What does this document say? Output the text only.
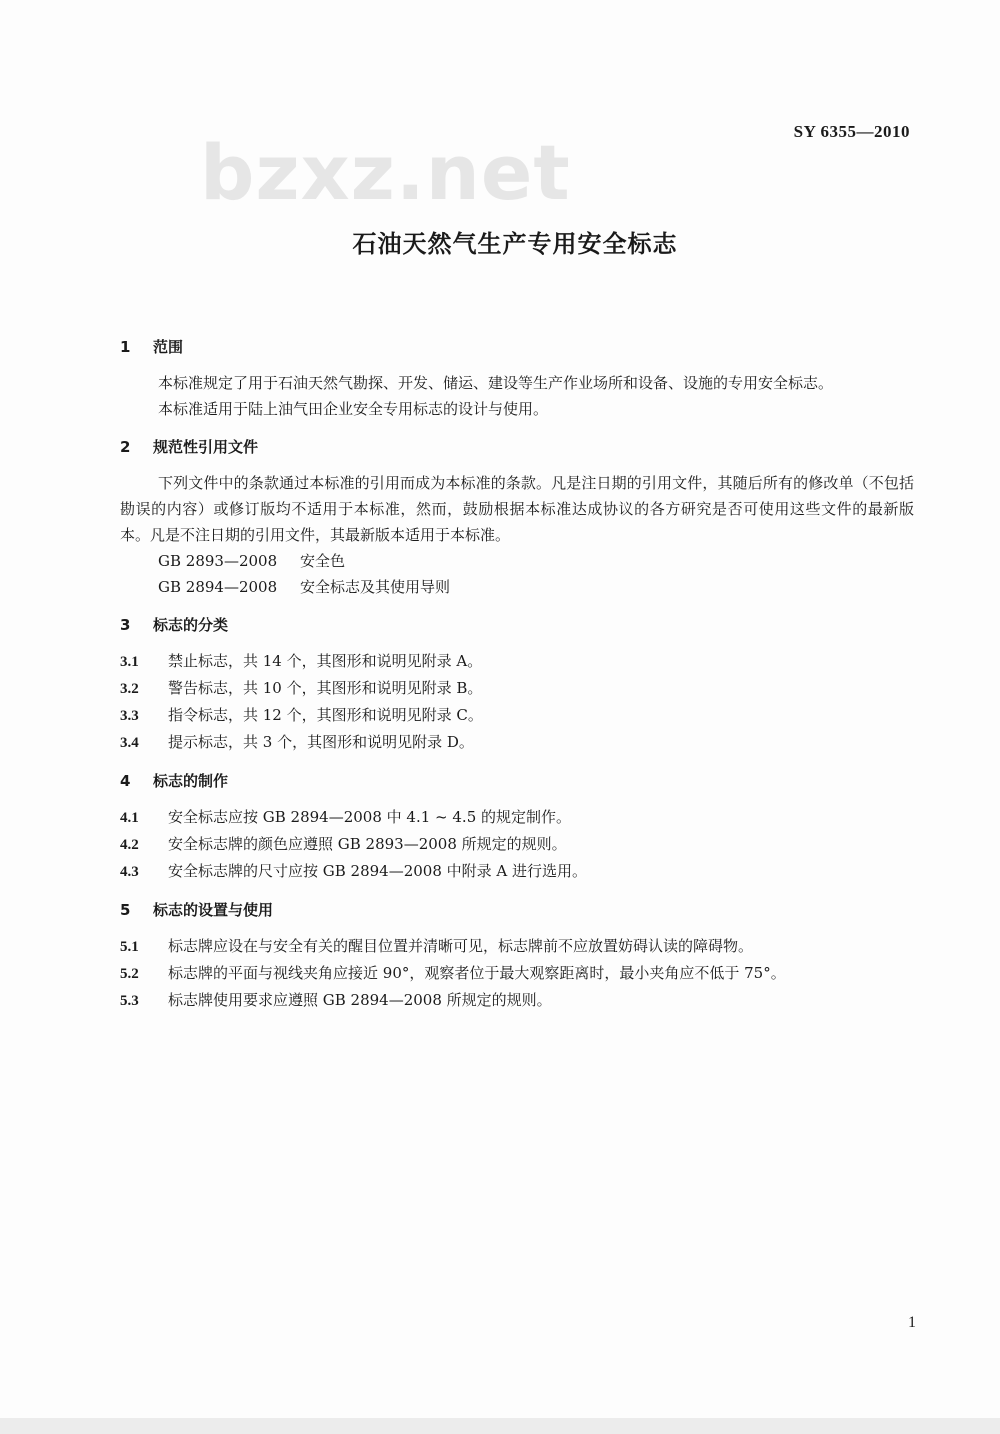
bzxz.net	SY 6355—2010
石油天然气生产专用安全标志
1 范围
本标准规定了用于石油天然气勘探、开发、储运、建设等生产作业场所和设备、设施的专用安全标志。
本标准适用于陆上油气田企业安全专用标志的设计与使用。
2 规范性引用文件
下列文件中的条款通过本标准的引用而成为本标准的条款。凡是注日期的引用文件，其随后所有的修改单（不包括勘误的内容）或修订版均不适用于本标准，然而，鼓励根据本标准达成协议的各方研究是否可使用这些文件的最新版本。凡是不注日期的引用文件，其最新版本适用于本标准。
GB 2893—2008 安全色
GB 2894—2008 安全标志及其使用导则
3 标志的分类
3.1 禁止标志，共 14 个，其图形和说明见附录 A。
3.2 警告标志，共 10 个，其图形和说明见附录 B。
3.3 指令标志，共 12 个，其图形和说明见附录 C。
3.4 提示标志，共 3 个，其图形和说明见附录 D。
4 标志的制作
4.1 安全标志应按 GB 2894—2008 中 4.1 ~ 4.5 的规定制作。
4.2 安全标志牌的颜色应遵照 GB 2893—2008 所规定的规则。
4.3 安全标志牌的尺寸应按 GB 2894—2008 中附录 A 进行选用。
5 标志的设置与使用
5.1 标志牌应设在与安全有关的醒目位置并清晰可见，标志牌前不应放置妨碍认读的障碍物。
5.2 标志牌的平面与视线夹角应接近 90°，观察者位于最大观察距离时，最小夹角应不低于 75°。
5.3 标志牌使用要求应遵照 GB 2894—2008 所规定的规则。
1
